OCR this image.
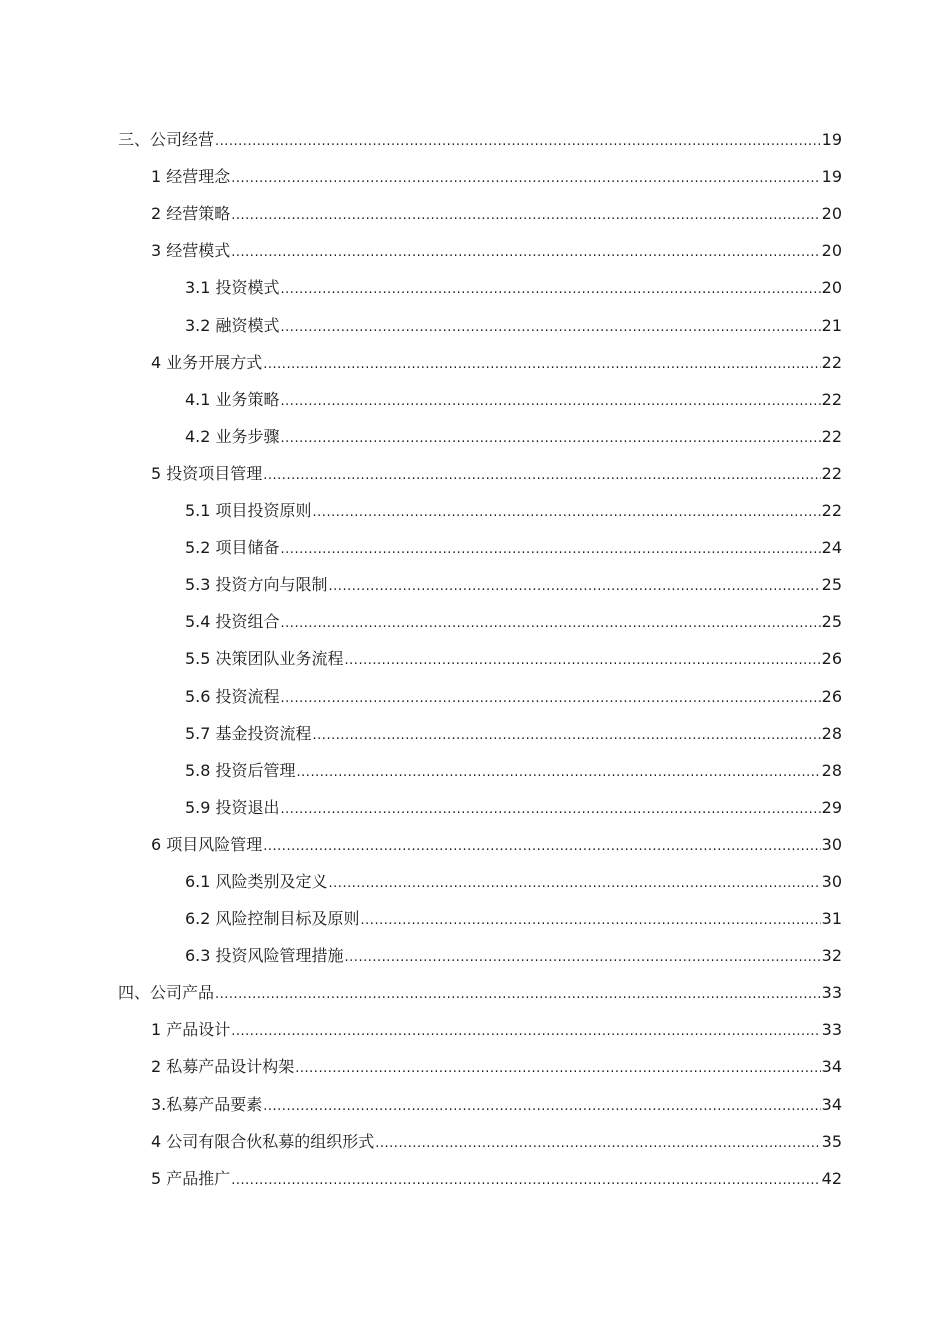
三、公司经营 .....	19
1 经营理念 .....	19
2 经营策略 .....	20
3 经营模式 .....	20
3.1 投资模式 .....	20
3.2 融资模式 .....	21
4 业务开展方式 .....	22
4.1 业务策略 .....	22
4.2 业务步骤 .....	22
5 投资项目管理 .....	22
5.1 项目投资原则 .....	22
5.2 项目储备 .....	24
5.3 投资方向与限制 .....	25
5.4 投资组合 .....	25
5.5 决策团队业务流程 .....	26
5.6 投资流程 .....	26
5.7 基金投资流程 .....	28
5.8 投资后管理 .....	28
5.9 投资退出 .....	29
6 项目风险管理 .....	30
6.1 风险类别及定义 .....	30
6.2 风险控制目标及原则 .....	31
6.3 投资风险管理措施 .....	32
四、公司产品 .....	33
1 产品设计 .....	33
2 私募产品设计构架 .....	34
3.私募产品要素 .....	34
4 公司有限合伙私募的组织形式 .....	35
5 产品推广 .....	42
